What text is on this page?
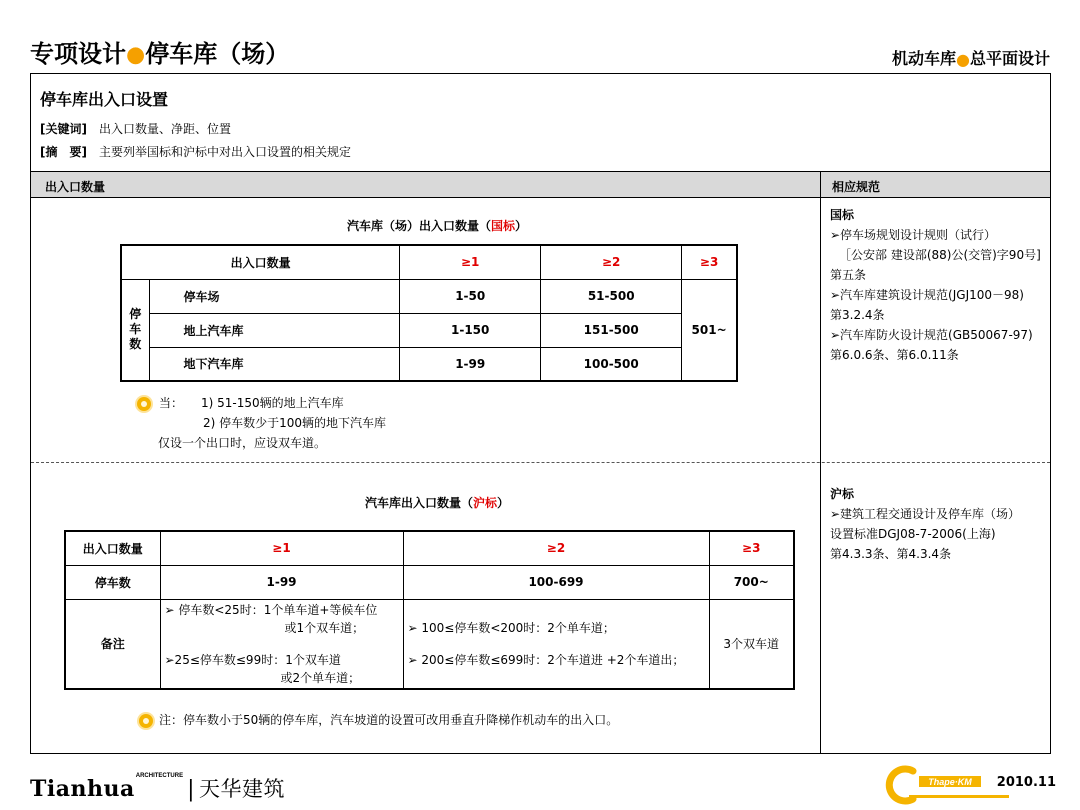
专项设计●停车库（场）	机动车库●总平面设计
停车库出入口设置
[关键词] 出入口数量、净距、位置
[摘　要] 主要列举国标和沪标中对出入口设置的相关规定
出入口数量	相应规范
汽车库（场）出入口数量（国标）
出入口数量		≥1	≥2	≥3
停
车
数	停车场	1-50	51-500	501~
	地上汽车库	1-150	151-500	
	地下汽车库	1-99	100-500	
当： 1) 51-150辆的地上汽车库
2) 停车数少于100辆的地下汽车库
仅设一个出口时，应设双车道。
汽车库出入口数量（沪标）
出入口数量	≥1	≥2	≥3
停车数	1-99	100-699	700~
备注	➢ 停车数<25时：1个单车道+等候车位
或1个双车道；
➢25≤停车数≤99时：1个双车道
或2个单车道；	➢ 100≤停车数<200时：2个单车道；
➢ 200≤停车数≤699时：2个车道进 +2个车道出；	3个双车道
注：停车数小于50辆的停车库，汽车坡道的设置可改用垂直升降梯作机动车的出入口。
国标
➢停车场规划设计规则（试行）
［公安部 建设部(88)公(交管)字90号]
第五条
➢汽车库建筑设计规范(JGJ100－98)
第3.2.4条
➢汽车库防火设计规范(GB50067-97)
第6.0.6条、第6.0.11条
沪标
➢建筑工程交通设计及停车库（场）
设置标准DGJ08-7-2006(上海)
第4.3.3条、第4.3.4条
Tianhua$^{ARCHITECTURE}$| 天华建筑	Thape·KM 2010.11
